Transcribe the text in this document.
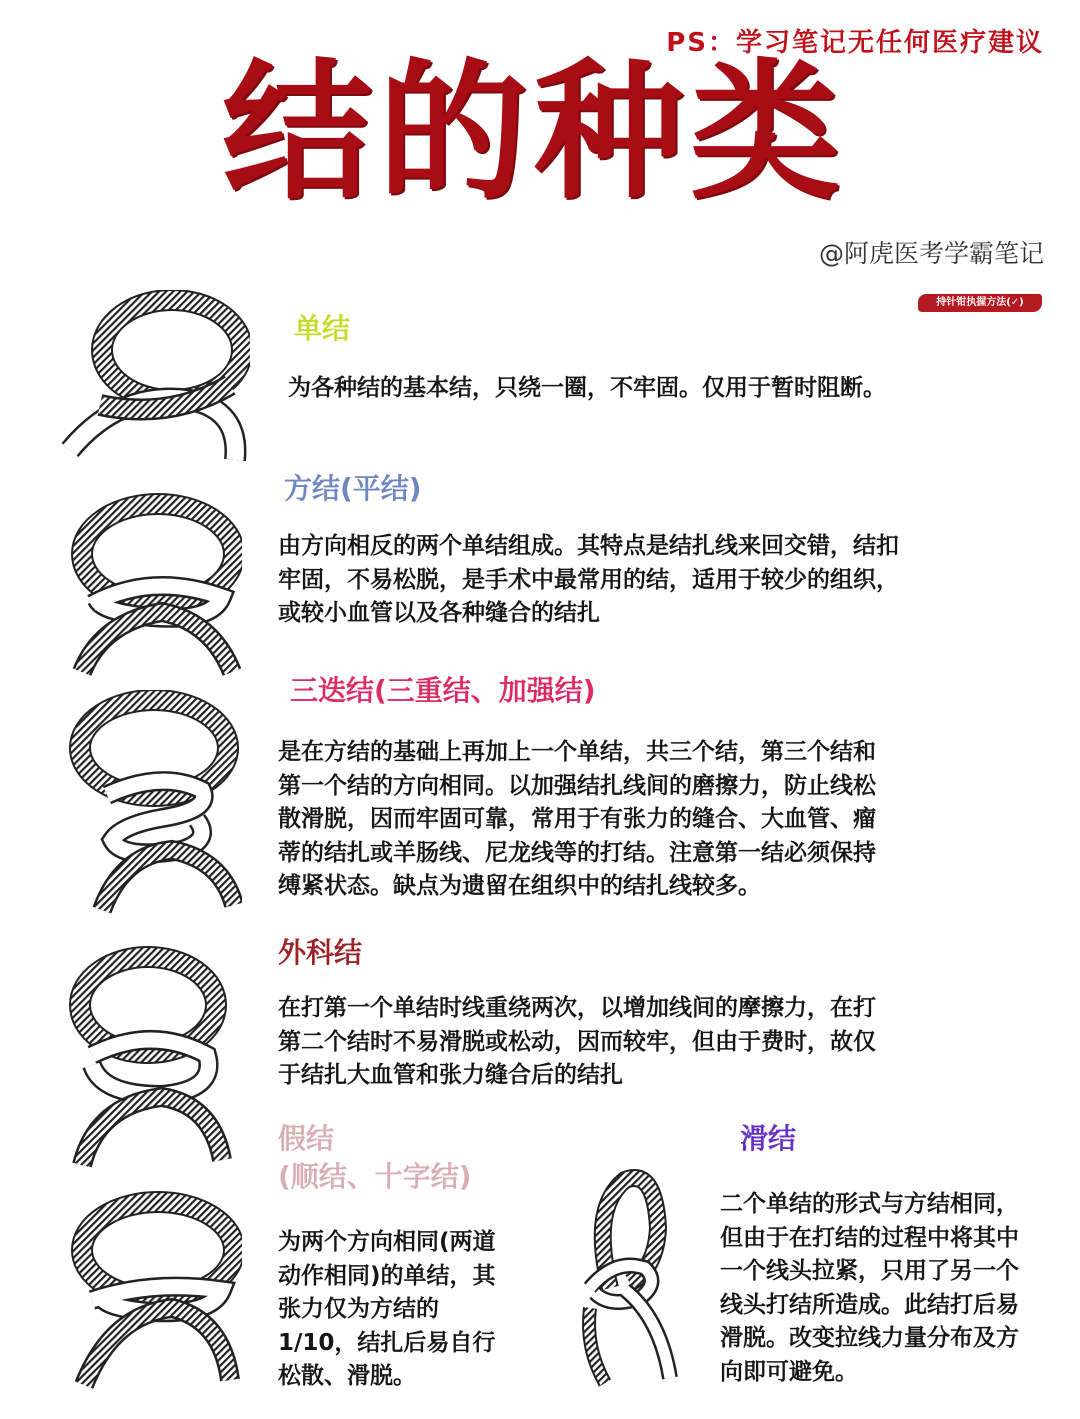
PS：学习笔记无任何医疗建议
结的种类
@阿虎医考学霸笔记
持针钳执握方法(✓)
单结
为各种结的基本结，只绕一圈，不牢固。仅用于暂时阻断。
方结(平结)
由方向相反的两个单结组成。其特点是结扎线来回交错，结扣
牢固，不易松脱，是手术中最常用的结，适用于较少的组织，
或较小血管以及各种缝合的结扎
三迭结(三重结、加强结)
是在方结的基础上再加上一个单结，共三个结，第三个结和
第一个结的方向相同。以加强结扎线间的磨擦力，防止线松
散滑脱，因而牢固可靠，常用于有张力的缝合、大血管、瘤
蒂的结扎或羊肠线、尼龙线等的打结。注意第一结必须保持
缚紧状态。缺点为遗留在组织中的结扎线较多。
外科结
在打第一个单结时线重绕两次，以增加线间的摩擦力，在打
第二个结时不易滑脱或松动，因而较牢，但由于费时，故仅
于结扎大血管和张力缝合后的结扎
假结
(顺结、十字结)
为两个方向相同(两道
动作相同)的单结，其
张力仅为方结的
1/10，结扎后易自行
松散、滑脱。
滑结
二个单结的形式与方结相同，
但由于在打结的过程中将其中
一个线头拉紧，只用了另一个
线头打结所造成。此结打后易
滑脱。改变拉线力量分布及方
向即可避免。
